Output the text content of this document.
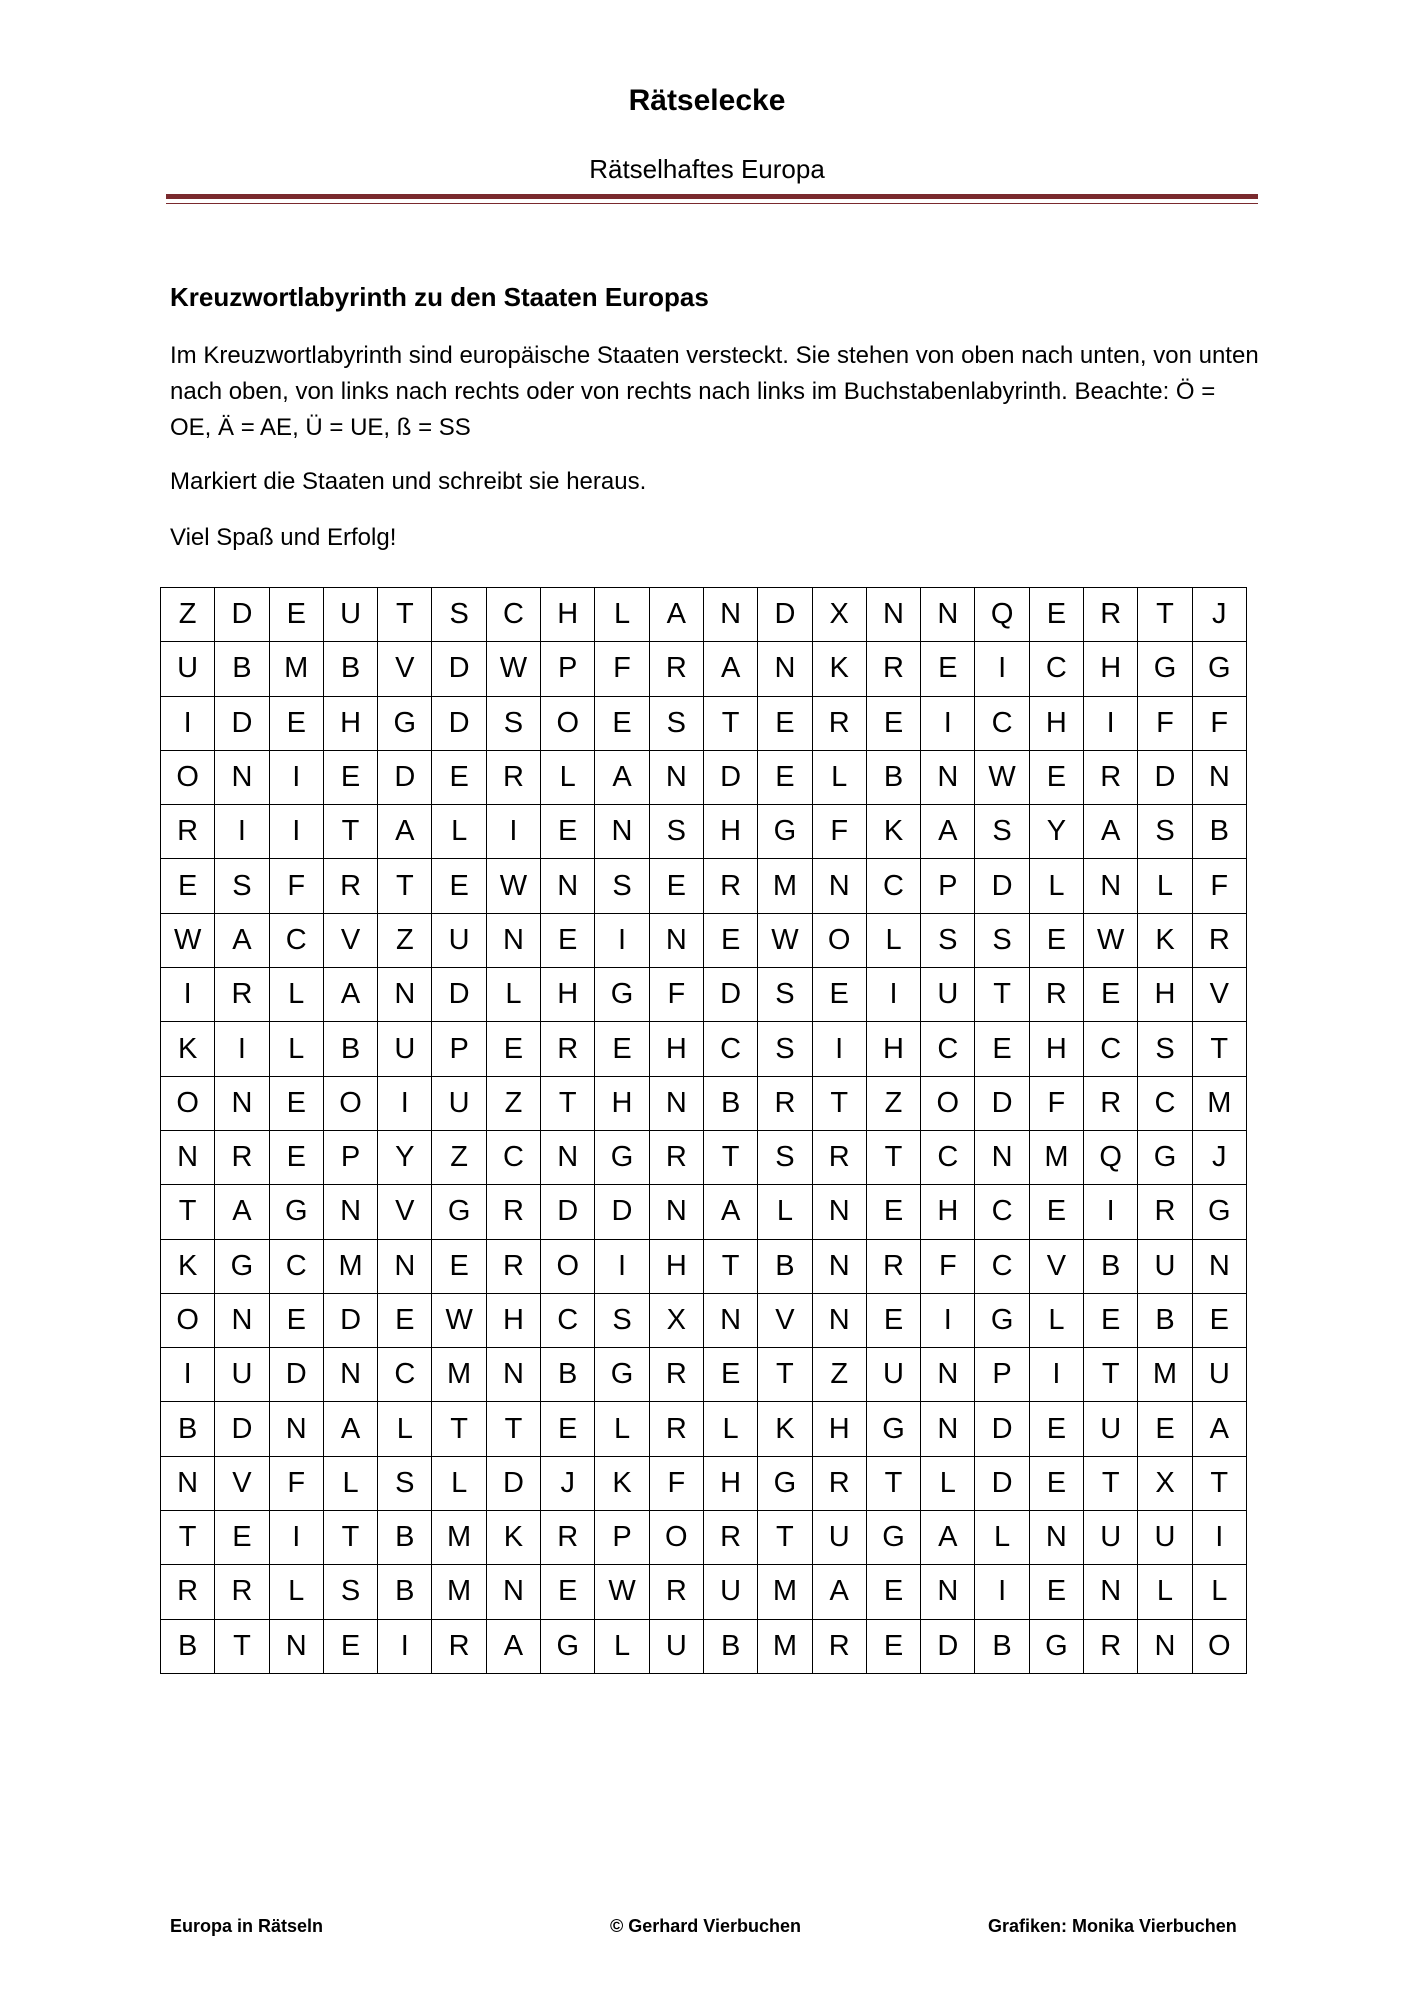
Rätselecke
Rätselhaftes Europa
Kreuzwortlabyrinth zu den Staaten Europas
Im Kreuzwortlabyrinth sind europäische Staaten versteckt. Sie stehen von oben nach unten, von unten nach oben, von links nach rechts oder von rechts nach links im Buchstabenlabyrinth. Beachte: Ö = OE, Ä = AE, Ü = UE, ß = SS
Markiert die Staaten und schreibt sie heraus.
Viel Spaß und Erfolg!
Z	D	E	U	T	S	C	H	L	A	N	D	X	N	N	Q	E	R	T	J
U	B	M	B	V	D	W	P	F	R	A	N	K	R	E	I	C	H	G	G
I	D	E	H	G	D	S	O	E	S	T	E	R	E	I	C	H	I	F	F
O	N	I	E	D	E	R	L	A	N	D	E	L	B	N	W	E	R	D	N
R	I	I	T	A	L	I	E	N	S	H	G	F	K	A	S	Y	A	S	B
E	S	F	R	T	E	W	N	S	E	R	M	N	C	P	D	L	N	L	F
W	A	C	V	Z	U	N	E	I	N	E	W	O	L	S	S	E	W	K	R
I	R	L	A	N	D	L	H	G	F	D	S	E	I	U	T	R	E	H	V
K	I	L	B	U	P	E	R	E	H	C	S	I	H	C	E	H	C	S	T
O	N	E	O	I	U	Z	T	H	N	B	R	T	Z	O	D	F	R	C	M
N	R	E	P	Y	Z	C	N	G	R	T	S	R	T	C	N	M	Q	G	J
T	A	G	N	V	G	R	D	D	N	A	L	N	E	H	C	E	I	R	G
K	G	C	M	N	E	R	O	I	H	T	B	N	R	F	C	V	B	U	N
O	N	E	D	E	W	H	C	S	X	N	V	N	E	I	G	L	E	B	E
I	U	D	N	C	M	N	B	G	R	E	T	Z	U	N	P	I	T	M	U
B	D	N	A	L	T	T	E	L	R	L	K	H	G	N	D	E	U	E	A
N	V	F	L	S	L	D	J	K	F	H	G	R	T	L	D	E	T	X	T
T	E	I	T	B	M	K	R	P	O	R	T	U	G	A	L	N	U	U	I
R	R	L	S	B	M	N	E	W	R	U	M	A	E	N	I	E	N	L	L
B	T	N	E	I	R	A	G	L	U	B	M	R	E	D	B	G	R	N	O
Europa in Rätseln	© Gerhard Vierbuchen	Grafiken: Monika Vierbuchen
